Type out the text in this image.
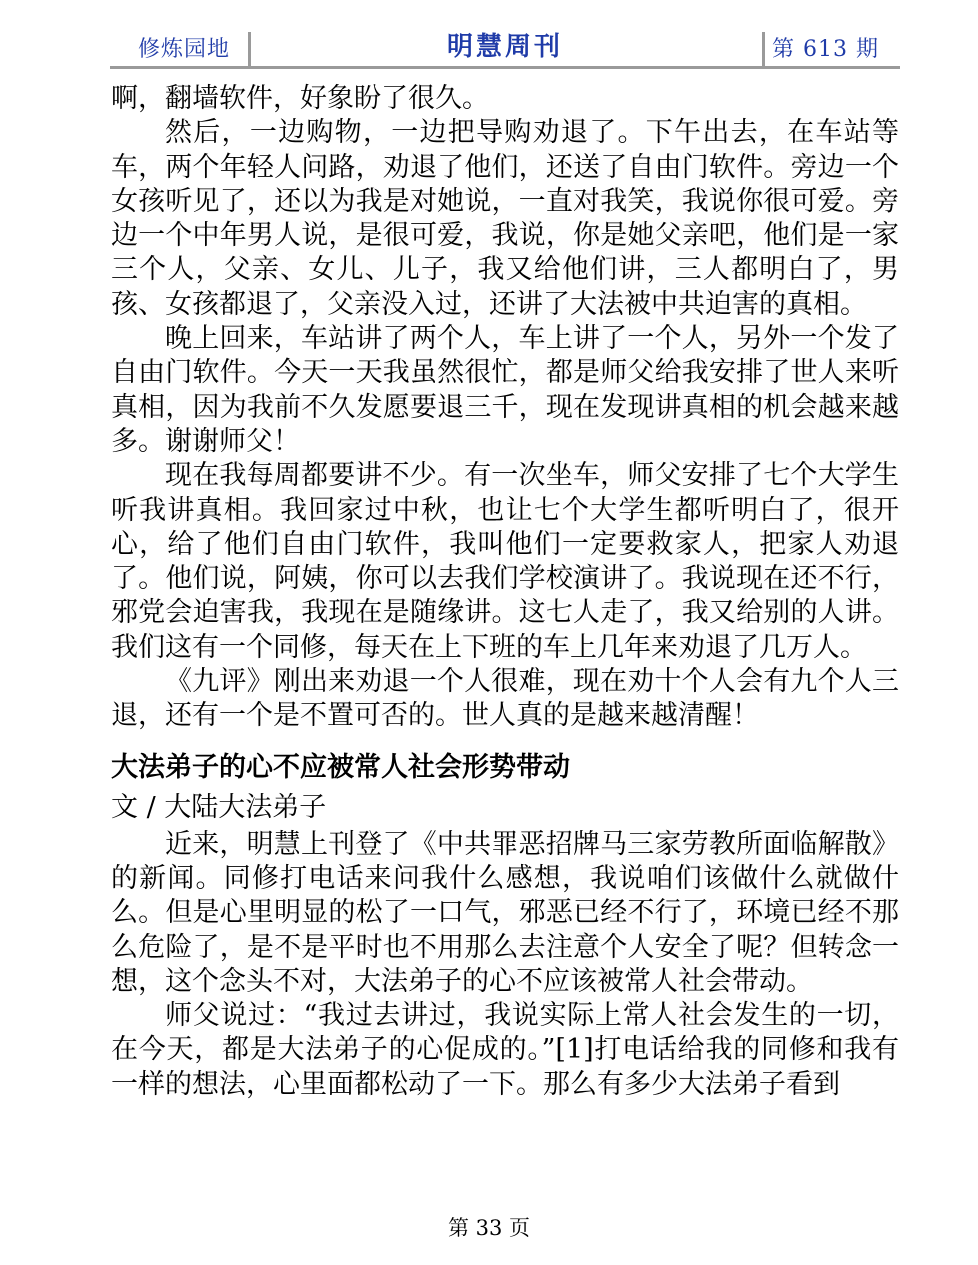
修炼园地	明慧周刊	第 613 期

啊，翻墙软件，好象盼了很久。

然后，一边购物，一边把导购劝退了。下午出去，在车站等车，两个年轻人问路，劝退了他们，还送了自由门软件。旁边一个女孩听见了，还以为我是对她说，一直对我笑，我说你很可爱。旁边一个中年男人说，是很可爱，我说，你是她父亲吧，他们是一家三个人，父亲、女儿、儿子，我又给他们讲，三人都明白了，男孩、女孩都退了，父亲没入过，还讲了大法被中共迫害的真相。

晚上回来，车站讲了两个人，车上讲了一个人，另外一个发了自由门软件。今天一天我虽然很忙，都是师父给我安排了世人来听真相，因为我前不久发愿要退三千，现在发现讲真相的机会越来越多。谢谢师父！

现在我每周都要讲不少。有一次坐车，师父安排了七个大学生听我讲真相。我回家过中秋，也让七个大学生都听明白了，很开心，给了他们自由门软件，我叫他们一定要救家人，把家人劝退了。他们说，阿姨，你可以去我们学校演讲了。我说现在还不行，邪党会迫害我，我现在是随缘讲。这七人走了，我又给别的人讲。我们这有一个同修，每天在上下班的车上几年来劝退了几万人。

《九评》刚出来劝退一个人很难，现在劝十个人会有九个人三退，还有一个是不置可否的。世人真的是越来越清醒！

大法弟子的心不应被常人社会形势带动

文 / 大陆大法弟子

近来，明慧上刊登了《中共罪恶招牌马三家劳教所面临解散》的新闻。同修打电话来问我什么感想，我说咱们该做什么就做什么。但是心里明显的松了一口气，邪恶已经不行了，环境已经不那么危险了，是不是平时也不用那么去注意个人安全了呢？但转念一想，这个念头不对，大法弟子的心不应该被常人社会带动。

师父说过：“我过去讲过，我说实际上常人社会发生的一切，在今天，都是大法弟子的心促成的。”[1]打电话给我的同修和我有一样的想法，心里面都松动了一下。那么有多少大法弟子看到

第 33 页
